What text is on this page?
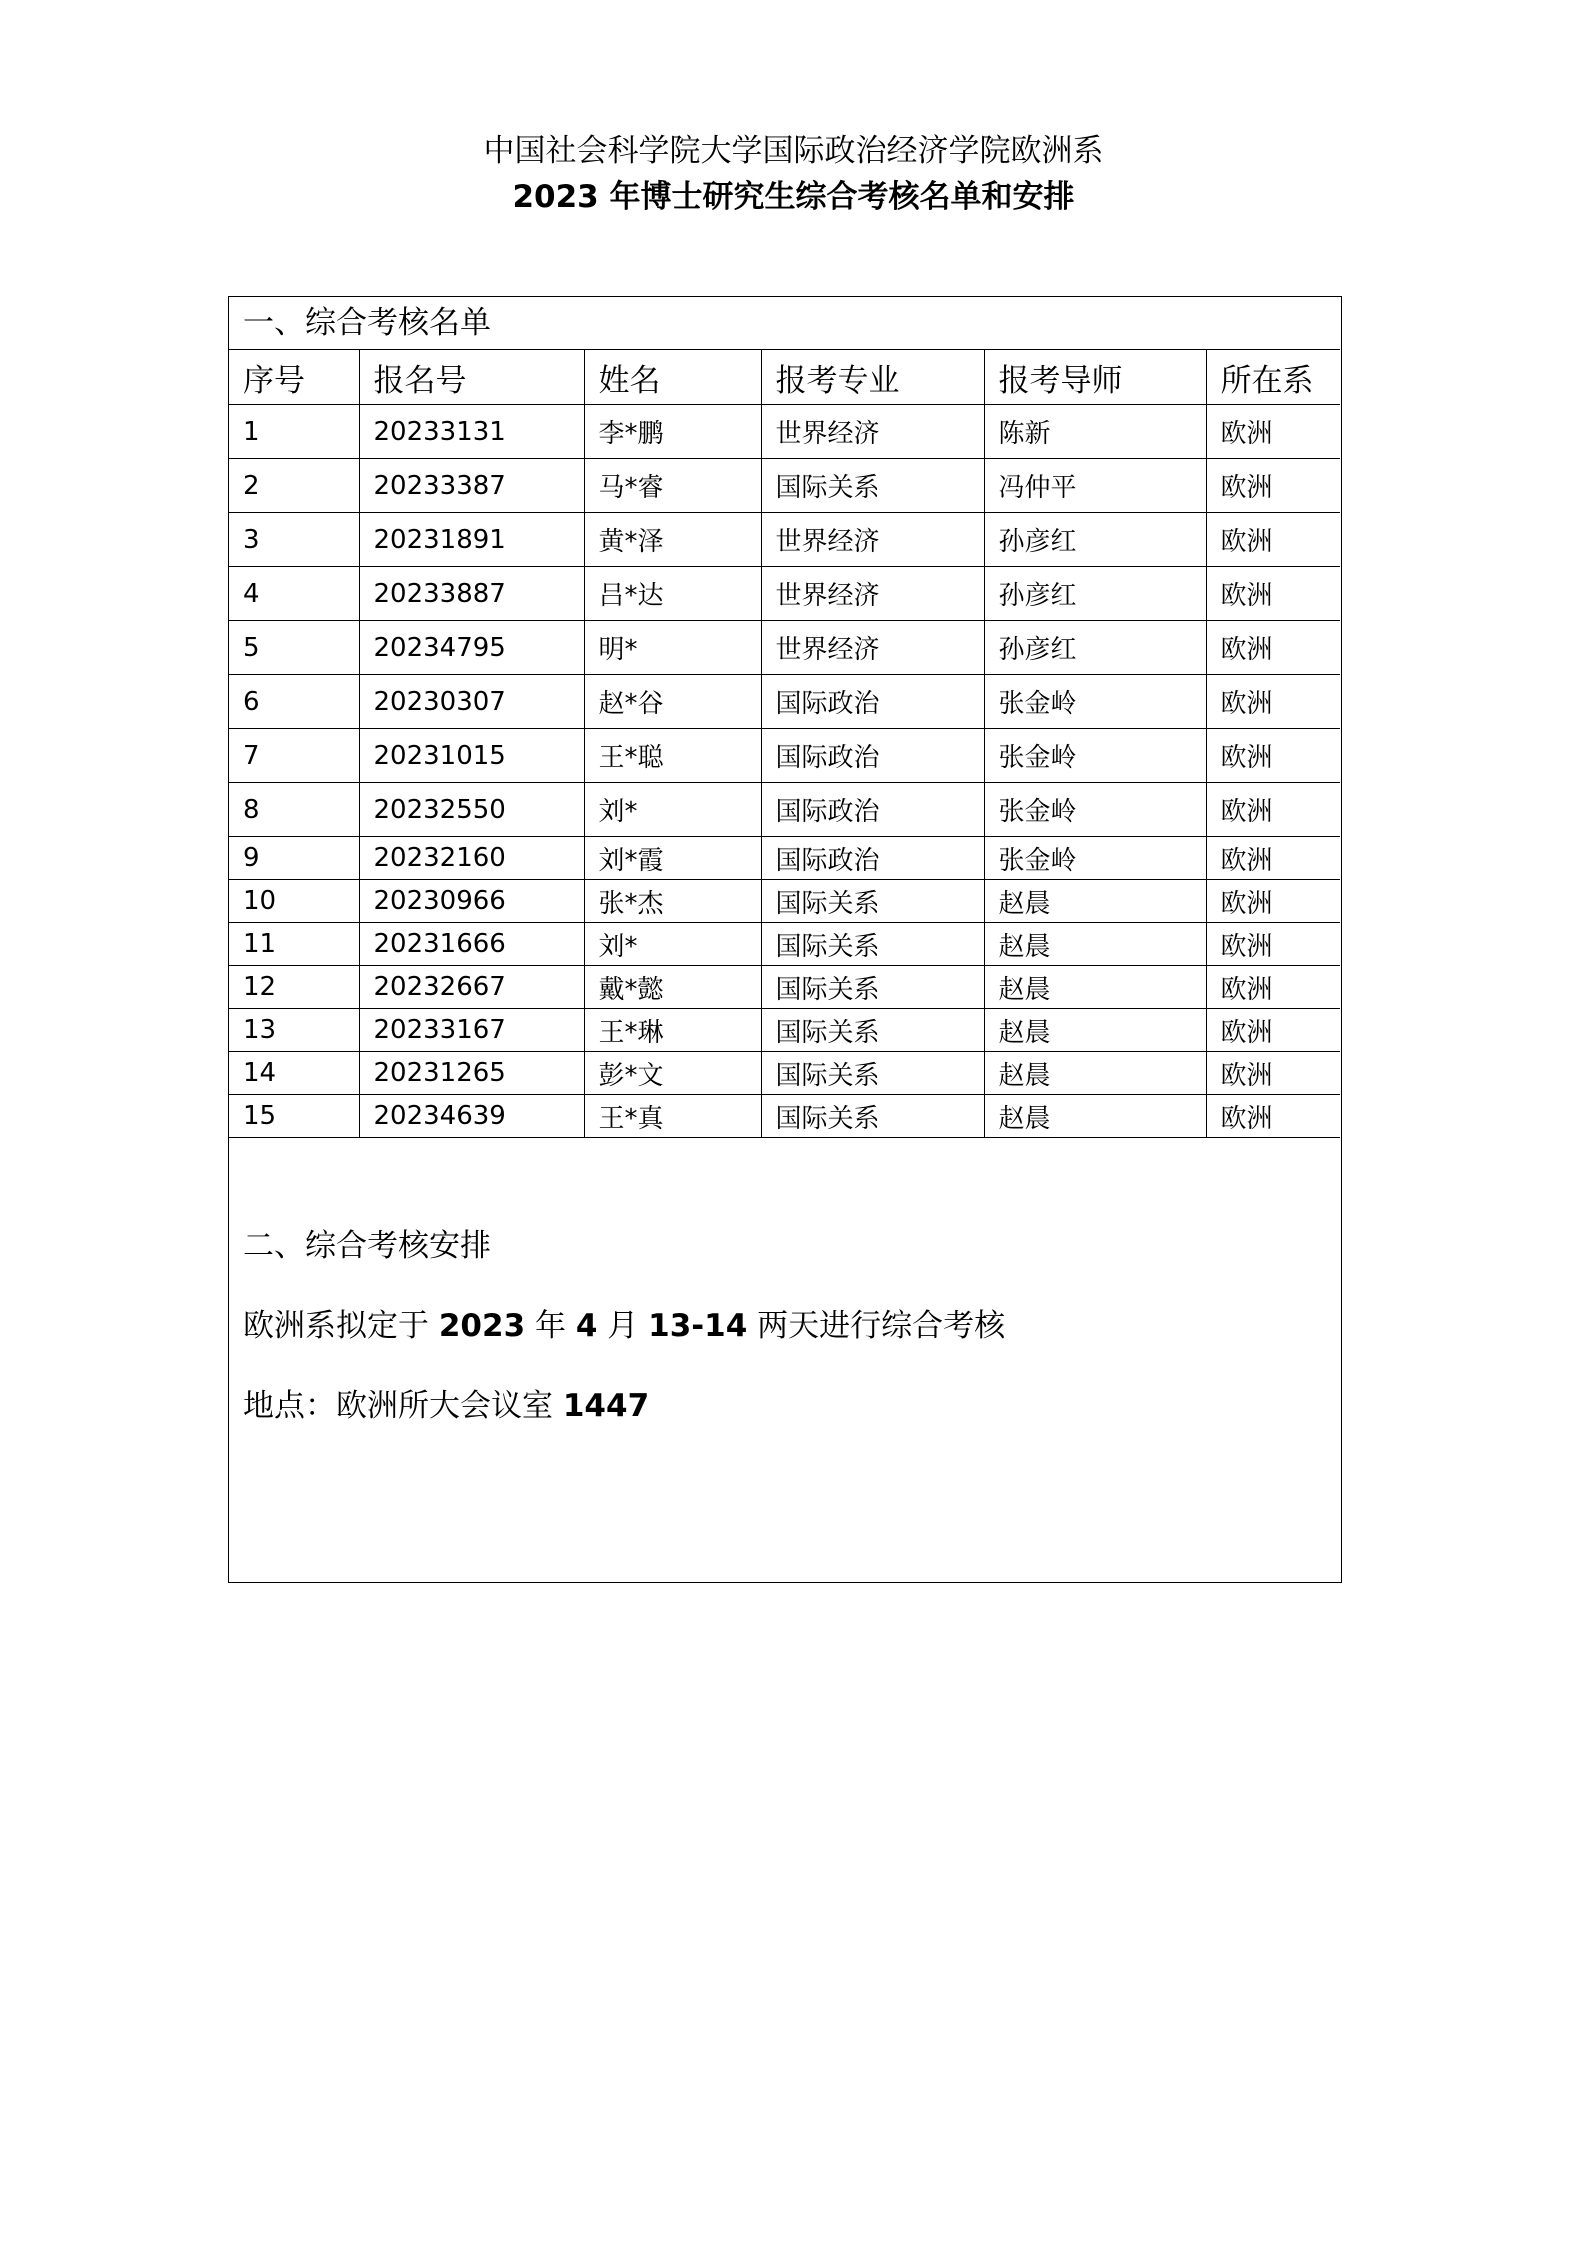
中国社会科学院大学国际政治经济学院欧洲系
2023 年博士研究生综合考核名单和安排
一、综合考核名单
序号	报名号	姓名	报考专业	报考导师	所在系
1	20233131	李*鹏	世界经济	陈新	欧洲
2	20233387	马*睿	国际关系	冯仲平	欧洲
3	20231891	黄*泽	世界经济	孙彦红	欧洲
4	20233887	吕*达	世界经济	孙彦红	欧洲
5	20234795	明*	世界经济	孙彦红	欧洲
6	20230307	赵*谷	国际政治	张金岭	欧洲
7	20231015	王*聪	国际政治	张金岭	欧洲
8	20232550	刘*	国际政治	张金岭	欧洲
9	20232160	刘*霞	国际政治	张金岭	欧洲
10	20230966	张*杰	国际关系	赵晨	欧洲
11	20231666	刘*	国际关系	赵晨	欧洲
12	20232667	戴*懿	国际关系	赵晨	欧洲
13	20233167	王*琳	国际关系	赵晨	欧洲
14	20231265	彭*文	国际关系	赵晨	欧洲
15	20234639	王*真	国际关系	赵晨	欧洲
二、综合考核安排
欧洲系拟定于 2023 年 4 月 13-14 两天进行综合考核
地点：欧洲所大会议室 1447
